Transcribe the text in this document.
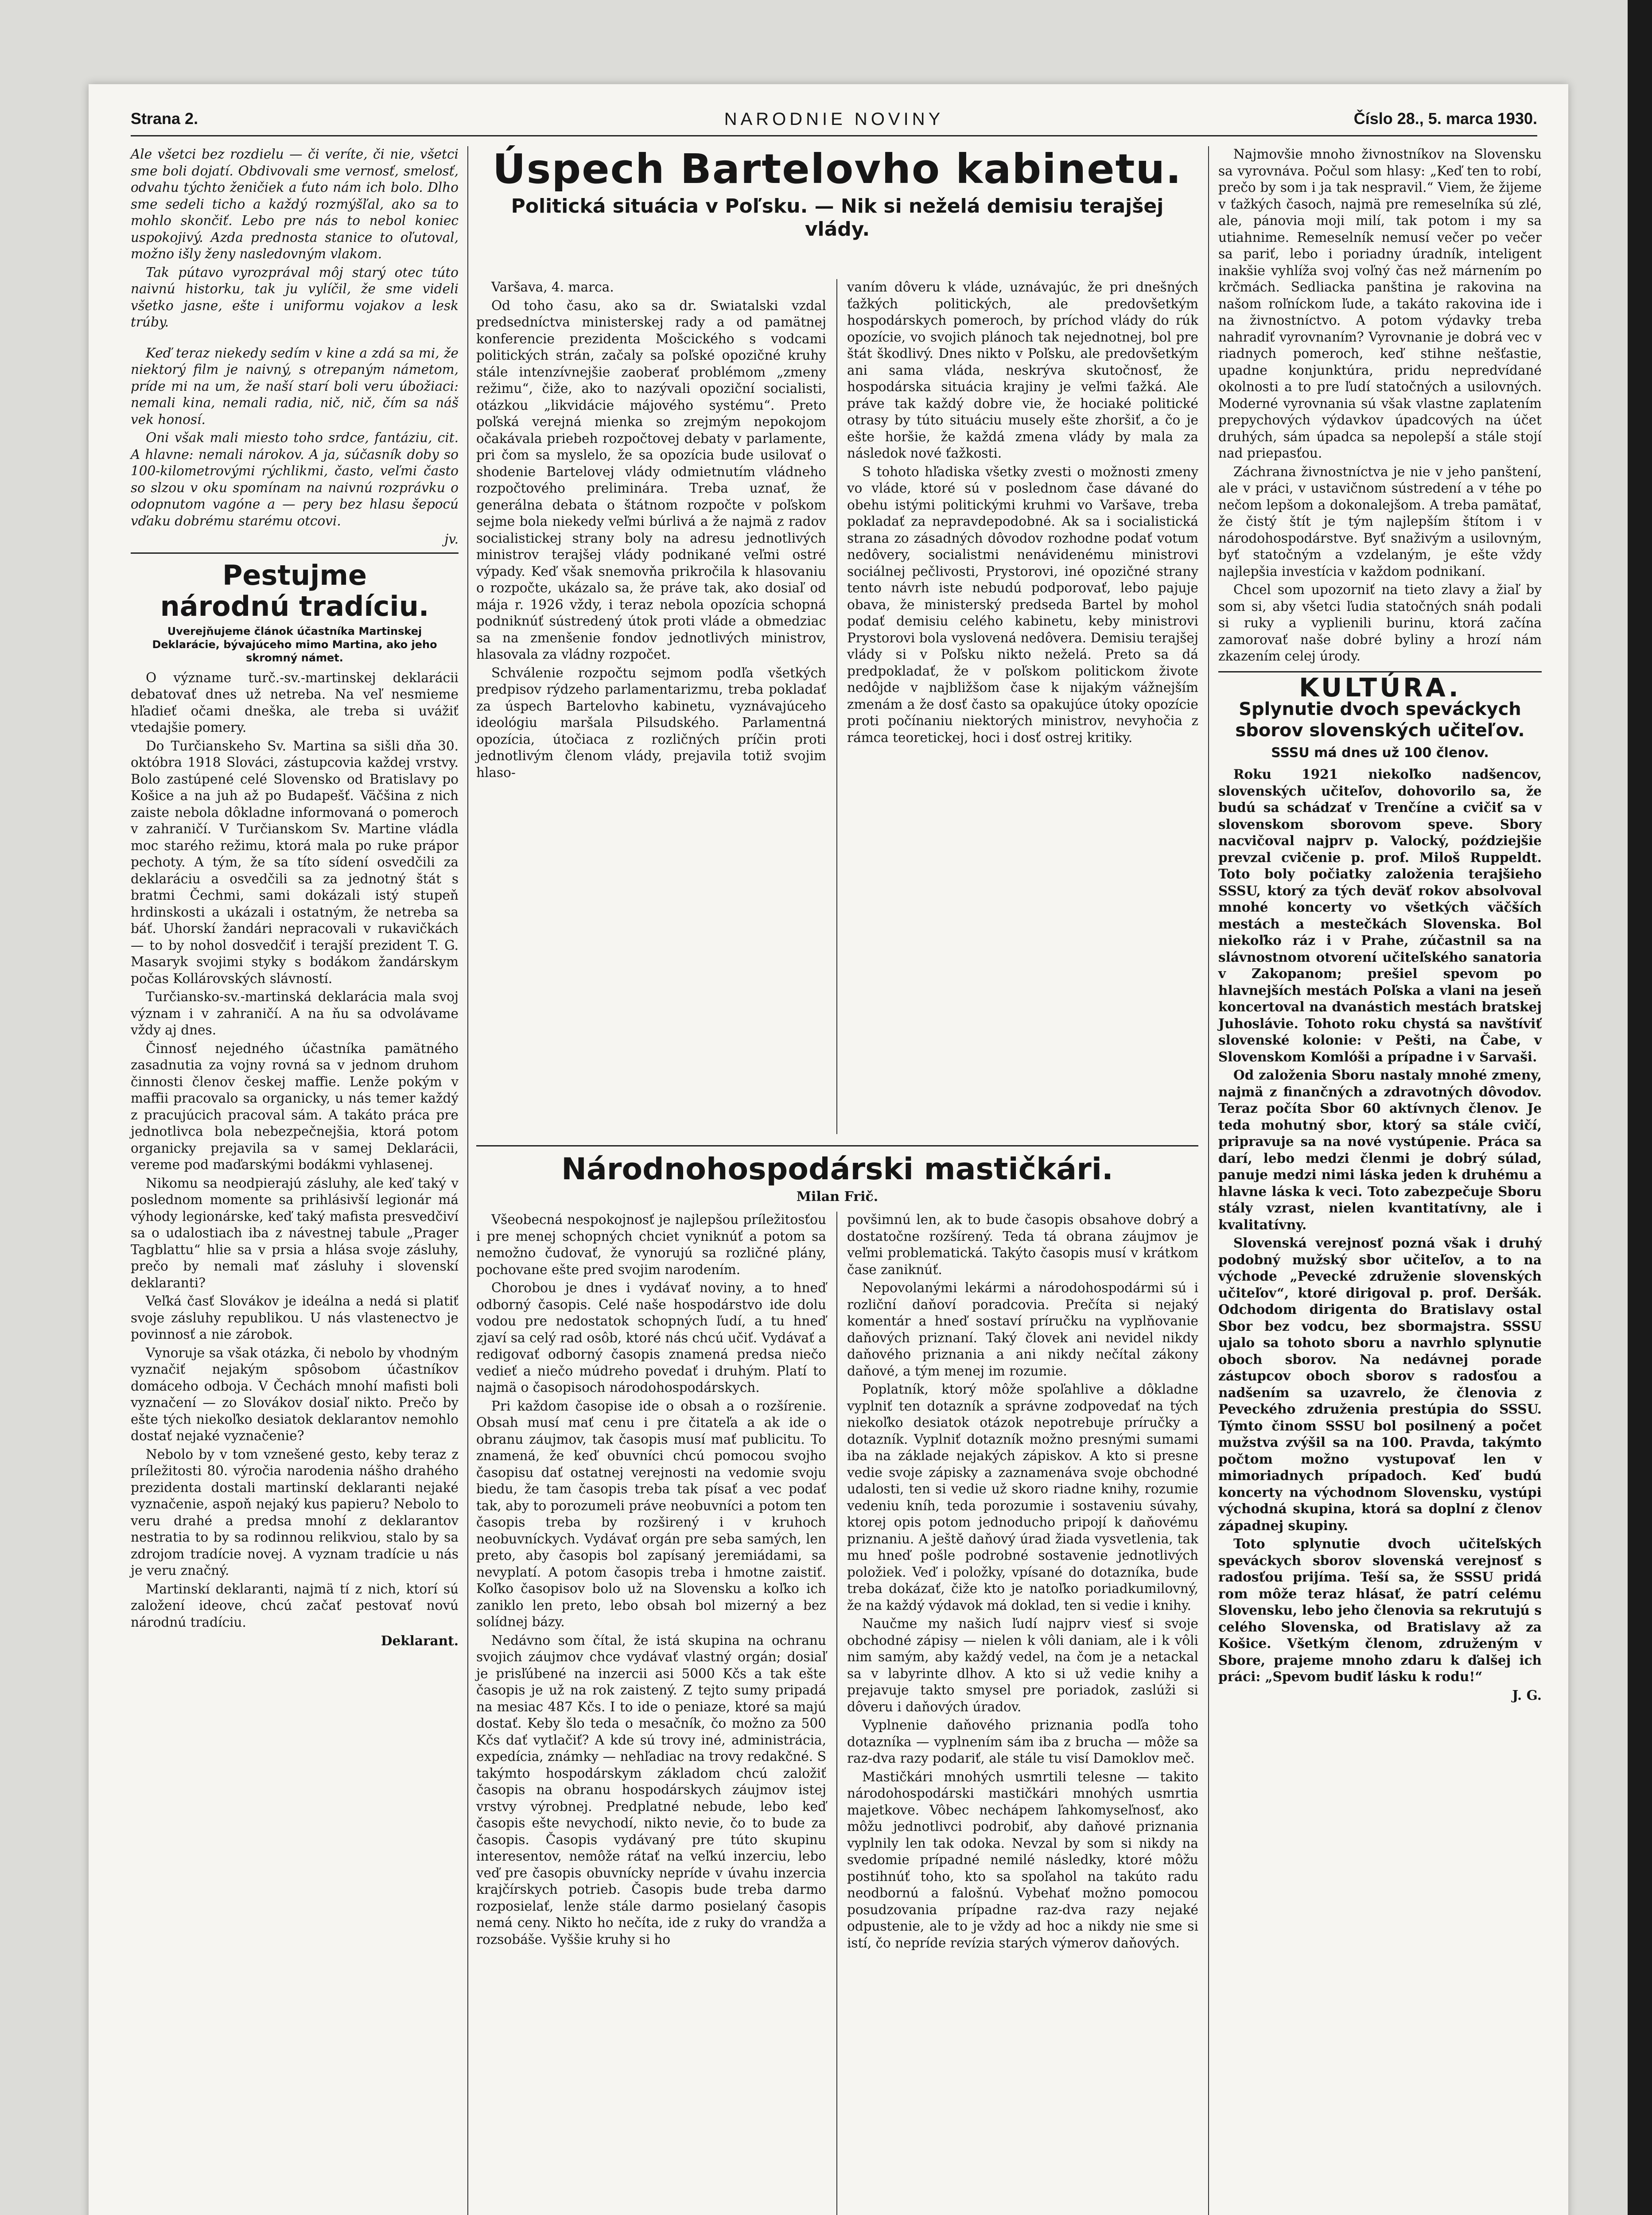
Strana 2.	NARODNIE NOVINY	Číslo 28., 5. marca 1930.

Ale všetci bez rozdielu — či veríte, či nie, všetci sme boli dojatí. Obdivovali sme vernosť, smelosť, odvahu týchto ženičiek a ťuto nám ich bolo. Dlho sme sedeli ticho a každý rozmýšľal, ako sa to mohlo skončiť. Lebo pre nás to nebol koniec uspokojivý. Azda prednosta stanice to oľutoval, možno išly ženy nasledovným vlakom.

Tak pútavo vyrozprával môj starý otec túto naivnú historku, tak ju vylíčil, že sme videli všetko jasne, ešte i uniformu vojakov a lesk trúby.

Keď teraz niekedy sedím v kine a zdá sa mi, že niektorý film je naivný, s otrepaným námetom, príde mi na um, že naší starí boli veru úbožiaci: nemali kina, nemali radia, nič, nič, čím sa náš vek honosí.

Oni však mali miesto toho srdce, fantáziu, cit. A hlavne: nemali nárokov. A ja, súčasník doby so 100-kilometrovými rýchlikmi, často, veľmi často so slzou v oku spomínam na naivnú rozprávku o odopnutom vagóne a — pery bez hlasu šepocú vďaku dobrému starému otcovi.

jv.

Pestujme
národnú tradíciu.
Uverejňujeme článok účastníka Martinskej Deklarácie, bývajúceho mimo Martina, ako jeho skromný námet.

O význame turč.-sv.-martinskej deklarácii debatovať dnes už netreba. Na veľ nesmieme hľadieť očami dneška, ale treba si uvážiť vtedajšie pomery.

Do Turčianskeho Sv. Martina sa sišli dňa 30. októbra 1918 Slováci, zástupcovia každej vrstvy. Bolo zastúpené celé Slovensko od Bratislavy po Košice a na juh až po Budapešť. Väčšina z nich zaiste nebola dôkladne informovaná o pomeroch v zahraničí. V Turčianskom Sv. Martine vládla moc starého režimu, ktorá mala po ruke prápor pechoty. A tým, že sa títo sídení osvedčili za deklaráciu a osvedčili sa za jednotný štát s bratmi Čechmi, sami dokázali istý stupeň hrdinskosti a ukázali i ostatným, že netreba sa báť. Uhorskí žandári nepracovali v rukavičkách — to by nohol dosvedčiť i terajší prezident T. G. Masaryk svojimi styky s bodákom žandárskym počas Kollárovských slávností.

Turčiansko-sv.-martinská deklarácia mala svoj význam i v zahraničí. A na ňu sa odvolávame vždy aj dnes.

Činnosť nejedného účastníka pamätného zasadnutia za vojny rovná sa v jednom druhom činnosti členov českej maffie. Lenže pokým v maffii pracovalo sa organicky, u nás temer každý z pracujúcich pracoval sám. A takáto práca pre jednotlivca bola nebezpečnejšia, ktorá potom organicky prejavila sa v samej Deklarácii, vereme pod maďarskými bodákmi vyhlasenej.

Nikomu sa neodpierajú zásluhy, ale keď taký v poslednom momente sa prihlásivší legionár má výhody legionárske, keď taký mafista presvedčiví sa o udalostiach iba z návestnej tabule „Prager Tagblattu“ hlie sa v prsia a hlása svoje zásluhy, prečo by nemali mať zásluhy i slovenskí deklaranti?

Veľká časť Slovákov je ideálna a nedá si platiť svoje zásluhy republikou. U nás vlastenectvo je povinnosť a nie zárobok.

Vynoruje sa však otázka, či nebolo by vhodným vyznačiť nejakým spôsobom účastníkov domáceho odboja. V Čechách mnohí mafisti boli vyznačení — zo Slovákov dosiaľ nikto. Prečo by ešte tých niekoľko desiatok deklarantov nemohlo dostať nejaké vyznačenie?

Nebolo by v tom vznešené gesto, keby teraz z príležitosti 80. výročia narodenia nášho drahého prezidenta dostali martinskí deklaranti nejaké vyznačenie, aspoň nejaký kus papieru? Nebolo to veru drahé a predsa mnohí z deklarantov nestratia to by sa rodinnou relikviou, stalo by sa zdrojom tradície novej. A vyznam tradície u nás je veru značný.

Martinskí deklaranti, najmä tí z nich, ktorí sú založení ideove, chcú začať pestovať novú národnú tradíciu.

Deklarant.

Úspech Bartelovho kabinetu.
Politická situácia v Poľsku. — Nik si neželá demisiu terajšej vlády.

Varšava, 4. marca.

Od toho času, ako sa dr. Swiatalski vzdal predsedníctva ministerskej rady a od pamätnej konferencie prezidenta Mošcického s vodcami politických strán, začaly sa poľské opozičné kruhy stále intenzívnejšie zaoberať problémom „zmeny režimu“, čiže, ako to nazývali opoziční socialisti, otázkou „likvidácie májového systému“. Preto poľská verejná mienka so zrejmým nepokojom očakávala priebeh rozpočtovej debaty v parlamente, pri čom sa myslelo, že sa opozícia bude usilovať o shodenie Bartelovej vlády odmietnutím vládneho rozpočtového preliminára. Treba uznať, že generálna debata o štátnom rozpočte v poľskom sejme bola niekedy veľmi búrlivá a že najmä z radov socialistickej strany boly na adresu jednotlivých ministrov terajšej vlády podnikané veľmi ostré výpady. Keď však snemovňa prikročila k hlasovaniu o rozpočte, ukázalo sa, že práve tak, ako dosiaľ od mája r. 1926 vždy, i teraz nebola opozícia schopná podniknúť sústredený útok proti vláde a obmedziac sa na zmenšenie fondov jednotlivých ministrov, hlasovala za vládny rozpočet.

Schválenie rozpočtu sejmom podľa všetkých predpisov rýdzeho parlamentarizmu, treba pokladať za úspech Bartelovho kabinetu, vyznávajúceho ideológiu maršala Pilsudského. Parlamentná opozícia, útočiaca z rozličných príčin proti jednotlivým členom vlády, prejavila totiž svojim hlaso-

vaním dôveru k vláde, uznávajúc, že pri dnešných ťažkých politických, ale predovšetkým hospodárskych pomeroch, by príchod vlády do rúk opozície, vo svojich plánoch tak nejednotnej, bol pre štát škodlivý. Dnes nikto v Poľsku, ale predovšetkým ani sama vláda, neskrýva skutočnosť, že hospodárska situácia krajiny je veľmi ťažká. Ale práve tak každý dobre vie, že hociaké politické otrasy by túto situáciu musely ešte zhoršiť, a čo je ešte horšie, že každá zmena vlády by mala za následok nové ťažkosti.

S tohoto hľadiska všetky zvesti o možnosti zmeny vo vláde, ktoré sú v poslednom čase dávané do obehu istými politickými kruhmi vo Varšave, treba pokladať za nepravdepodobné. Ak sa i socialistická strana zo zásadných dôvodov rozhodne podať votum nedôvery, socialistmi nenávidenému ministrovi sociálnej pečlivosti, Prystorovi, iné opozičné strany tento návrh iste nebudú podporovať, lebo pajuje obava, že ministerský predseda Bartel by mohol podať demisiu celého kabinetu, keby ministrovi Prystorovi bola vyslovená nedôvera. Demisiu terajšej vlády si v Poľsku nikto neželá. Preto sa dá predpokladať, že v poľskom politickom živote nedôjde v najbližšom čase k nijakým vážnejším zmenám a že dosť často sa opakujúce útoky opozície proti počínaniu niektorých ministrov, nevyhočia z rámca teoretickej, hoci i dosť ostrej kritiky.

Národnohospodárski mastičkári.
Milan Frič.

Všeobecná nespokojnosť je najlepšou príležitosťou i pre menej schopných chciet vyniknúť a potom sa nemožno čudovať, že vynorujú sa rozličné plány, pochovane ešte pred svojim narodením.

Chorobou je dnes i vydávať noviny, a to hneď odborný časopis. Celé naše hospodárstvo ide dolu vodou pre nedostatok schopných ľudí, a tu hneď zjaví sa celý rad osôb, ktoré nás chcú učiť. Vydávať a redigovať odborný časopis znamená predsa niečo vedieť a niečo múdreho povedať i druhým. Platí to najmä o časopisoch národohospodárskych.

Pri každom časopise ide o obsah a o rozšírenie. Obsah musí mať cenu i pre čitateľa a ak ide o obranu záujmov, tak časopis musí mať publicitu. To znamená, že keď obuvníci chcú pomocou svojho časopisu dať ostatnej verejnosti na vedomie svoju biedu, že tam časopis treba tak písať a vec podať tak, aby to porozumeli práve neobuvníci a potom ten časopis treba by rozširený i v kruhoch neobuvníckych. Vydávať orgán pre seba samých, len preto, aby časopis bol zapísaný jeremiádami, sa nevyplatí. A potom časopis treba i hmotne zaistiť. Koľko časopisov bolo už na Slovensku a koľko ich zaniklo len preto, lebo obsah bol mizerný a bez solídnej bázy.

Nedávno som čítal, že istá skupina na ochranu svojich záujmov chce vydávať vlastný orgán; dosiaľ je prisľúbené na inzercii asi 5000 Kčs a tak ešte časopis je už na rok zaistený. Z tejto sumy pripadá na mesiac 487 Kčs. I to ide o peniaze, ktoré sa majú dostať. Keby šlo teda o mesačník, čo možno za 500 Kčs dať vytlačiť? A kde sú trovy iné, administrácia, expedícia, známky — nehľadiac na trovy redakčné. S takýmto hospodárskym základom chcú založiť časopis na obranu hospodárskych záujmov istej vrstvy výrobnej. Predplatné nebude, lebo keď časopis ešte nevychodí, nikto nevie, čo to bude za časopis. Časopis vydávaný pre túto skupinu interesentov, nemôže rátať na veľkú inzerciu, lebo veď pre časopis obuvnícky nepríde v úvahu inzercia krajčírskych potrieb. Časopis bude treba darmo rozposielať, lenže stále darmo posielaný časopis nemá ceny. Nikto ho nečíta, ide z ruky do vrandža a rozsobáše. Vyššie kruhy si ho

povšimnú len, ak to bude časopis obsahove dobrý a dostatočne rozšírený. Teda tá obrana záujmov je veľmi problematická. Takýto časopis musí v krátkom čase zaniknúť.

Nepovolanými lekármi a národohospodármi sú i rozliční daňoví poradcovia. Prečíta si nejaký komentár a hneď sostaví príručku na vyplňovanie daňových priznaní. Taký človek ani nevidel nikdy daňového priznania a ani nikdy nečítal zákony daňové, a tým menej im rozumie.

Poplatník, ktorý môže spoľahlive a dôkladne vyplniť ten dotazník a správne zodpovedať na tých niekoľko desiatok otázok nepotrebuje príručky a dotazník. Vyplniť dotazník možno presnými sumami iba na základe nejakých zápiskov. A kto si presne vedie svoje zápisky a zaznamenáva svoje obchodné udalosti, ten si vedie už skoro riadne knihy, rozumie vedeniu kníh, teda porozumie i sostaveniu súvahy, ktorej opis potom jednoducho pripojí k daňovému priznaniu. A ještě daňový úrad žiada vysvetlenia, tak mu hneď pošle podrobné sostavenie jednotlivých položiek. Veď i položky, vpísané do dotazníka, bude treba dokázať, čiže kto je natoľko poriadkumilovný, že na každý výdavok má doklad, ten si vedie i knihy.

Naučme my našich ľudí najprv viesť si svoje obchodné zápisy — nielen k vôli daniam, ale i k vôli nim samým, aby každý vedel, na čom je a netackal sa v labyrinte dlhov. A kto si už vedie knihy a prejavuje takto smysel pre poriadok, zaslúži si dôveru i daňových úradov.

Vyplnenie daňového priznania podľa toho dotazníka — vyplnením sám iba z brucha — môže sa raz-dva razy podariť, ale stále tu visí Damoklov meč.

Mastičkári mnohých usmrtili telesne — takito národohospodárski mastičkári mnohých usmrtia majetkove. Vôbec nechápem ľahkomyseľnosť, ako môžu jednotlivci podrobiť, aby daňové priznania vyplnily len tak odoka. Nevzal by som si nikdy na svedomie prípadné nemilé následky, ktoré môžu postihnúť toho, kto sa spoľahol na takúto radu neodbornú a falošnú. Vybehať možno pomocou posudzovania prípadne raz-dva razy nejaké odpustenie, ale to je vždy ad hoc a nikdy nie sme si istí, čo nepríde revízia starých výmerov daňových.

Najmovšie mnoho živnostníkov na Slovensku sa vyrovnáva. Počul som hlasy: „Keď ten to robí, prečo by som i ja tak nespravil.“ Viem, že žijeme v ťažkých časoch, najmä pre remeselníka sú zlé, ale, pánovia moji milí, tak potom i my sa utiahnime. Remeselník nemusí večer po večer sa pariť, lebo i poriadny úradník, inteligent inakšie vyhlíža svoj voľný čas než márnením po krčmách. Sedliacka panština je rakovina na našom roľníckom ľude, a takáto rakovina ide i na živnostníctvo. A potom výdavky treba nahradiť vyrovnaním? Vyrovnanie je dobrá vec v riadnych pomeroch, keď stihne nešťastie, upadne konjunktúra, pridu nepredvídané okolnosti a to pre ľudí statočných a usilovných. Moderné vyrovnania sú však vlastne zaplatením prepychových výdavkov úpadcových na účet druhých, sám úpadca sa nepolepší a stále stojí nad priepasťou.

Záchrana živnostníctva je nie v jeho panštení, ale v práci, v ustavičnom sústredení a v téhe po nečom lepšom a dokonalejšom. A treba pamätať, že čistý štít je tým najlepším štítom i v národohospodárstve. Byť snaživým a usilovným, byť statočným a vzdelaným, je ešte vždy najlepšia investícia v každom podnikaní.

Chcel som upozorniť na tieto zlavy a žiaľ by som si, aby všetci ľudia statočných snáh podali si ruky a vyplienili burinu, ktorá začína zamorovať naše dobré byliny a hrozí nám zkazením celej úrody.

KULTÚRA.
Splynutie dvoch speváckych sborov slovenských učiteľov.
SSSU má dnes už 100 členov.

Roku 1921 niekoľko nadšencov, slovenských učiteľov, dohovorilo sa, že budú sa schádzať v Trenčíne a cvičiť sa v slovenskom sborovom speve. Sbory nacvičoval najprv p. Valocký, poździejšie prevzal cvičenie p. prof. Miloš Ruppeldt. Toto boly počiatky založenia terajšieho SSSU, ktorý za tých deväť rokov absolvoval mnohé koncerty vo všetkých väčších mestách a mestečkách Slovenska. Bol niekoľko ráz i v Prahe, zúčastnil sa na slávnostnom otvorení učiteľského sanatoria v Zakopanom; prešiel spevom po hlavnejších mestách Poľska a vlani na jeseň koncertoval na dvanástich mestách bratskej Juhoslávie. Tohoto roku chystá sa navštíviť slovenské kolonie: v Pešti, na Čabe, v Slovenskom Komlóši a prípadne i v Sarvaši.

Od založenia Sboru nastaly mnohé zmeny, najmä z finančných a zdravotných dôvodov. Teraz počíta Sbor 60 aktívnych členov. Je teda mohutný sbor, ktorý sa stále cvičí, pripravuje sa na nové vystúpenie. Práca sa darí, lebo medzi členmi je dobrý súlad, panuje medzi nimi láska jeden k druhému a hlavne láska k veci. Toto zabezpečuje Sboru stály vzrast, nielen kvantitatívny, ale i kvalitatívny.

Slovenská verejnosť pozná však i druhý podobný mužský sbor učiteľov, a to na východe „Pevecké združenie slovenských učiteľov“, ktoré dirigoval p. prof. Deršák. Odchodom dirigenta do Bratislavy ostal Sbor bez vodcu, bez sbormajstra. SSSU ujalo sa tohoto sboru a navrhlo splynutie oboch sborov. Na nedávnej porade zástupcov oboch sborov s radosťou a nadšením sa uzavrelo, že členovia z Peveckého združenia prestúpia do SSSU. Týmto činom SSSU bol posilnený a počet mužstva zvýšil sa na 100. Pravda, takýmto počtom možno vystupovať len v mimoriadnych prípadoch. Keď budú koncerty na východnom Slovensku, vystúpi východná skupina, ktorá sa doplní z členov západnej skupiny.

Toto splynutie dvoch učiteľských speváckych sborov slovenská verejnosť s radosťou prijíma. Teší sa, že SSSU pridá rom môže teraz hlásať, že patrí celému Slovensku, lebo jeho členovia sa rekrutujú s celého Slovenska, od Bratislavy až za Košice. Všetkým členom, združeným v Sbore, prajeme mnoho zdaru k ďalšej ich práci: „Spevom budiť lásku k rodu!“

J. G.
